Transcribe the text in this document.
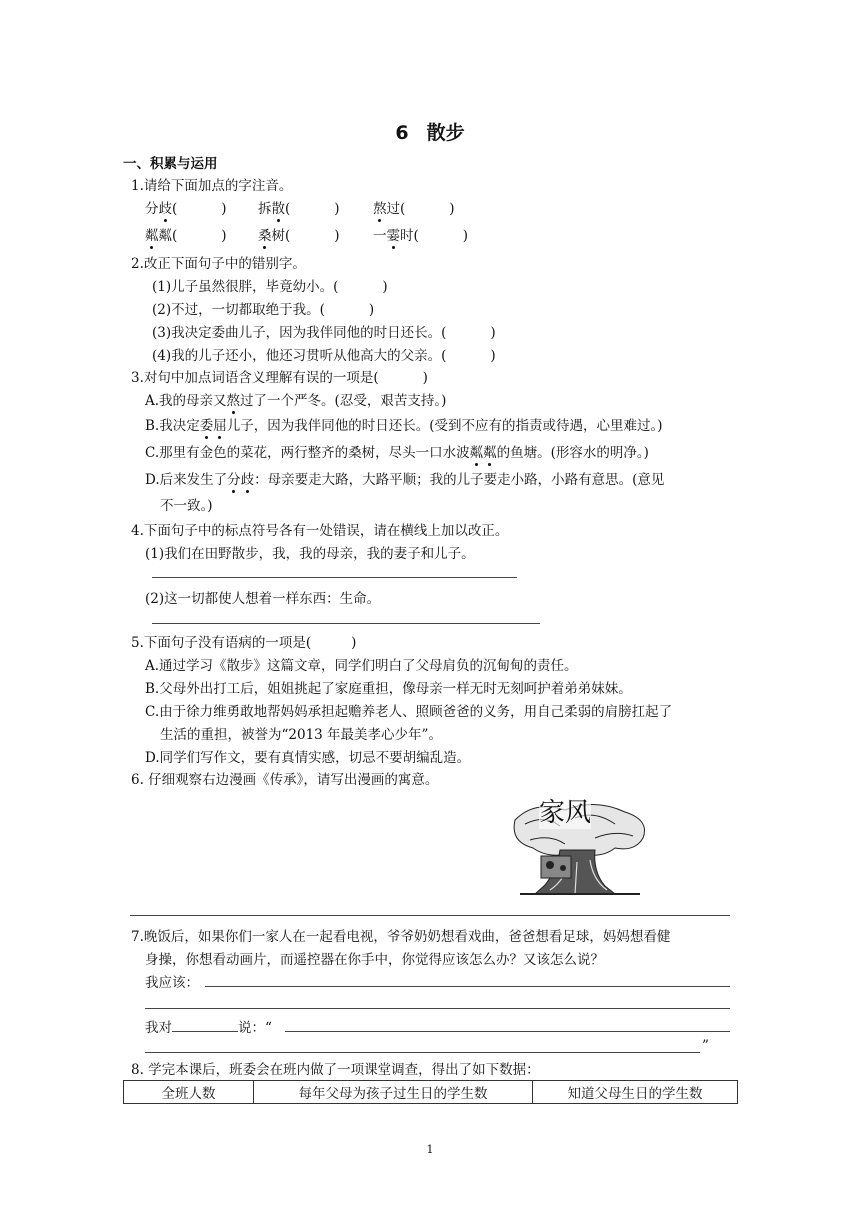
6 散步
一、积累与运用
1.请给下面加点的字注音。
分歧(	) 拆散(	) 熬过(	)
粼粼(	) 桑树(	) 一霎时(	)
2.改正下面句子中的错别字。
(1)儿子虽然很胖，毕竟幼小。(	)
(2)不过，一切都取绝于我。(	)
(3)我决定委曲儿子，因为我伴同他的时日还长。(	)
(4)我的儿子还小，他还习贯听从他高大的父亲。(	)
3.对句中加点词语含义理解有误的一项是(	)
A.我的母亲又熬过了一个严冬。(忍受，艰苦支持。)
B.我决定委屈儿子，因为我伴同他的时日还长。(受到不应有的指责或待遇，心里难过。)
C.那里有金色的菜花，两行整齐的桑树，尽头一口水波粼粼的鱼塘。(形容水的明净。)
D.后来发生了分歧：母亲要走大路，大路平顺；我的儿子要走小路，小路有意思。(意见
不一致。)
4.下面句子中的标点符号各有一处错误，请在横线上加以改正。
(1)我们在田野散步，我，我的母亲，我的妻子和儿子。
(2)这一切都使人想着一样东西：生命。
5.下面句子没有语病的一项是(	)
A.通过学习《散步》这篇文章，同学们明白了父母肩负的沉甸甸的责任。
B.父母外出打工后，姐姐挑起了家庭重担，像母亲一样无时无刻呵护着弟弟妹妹。
C.由于徐力维勇敢地帮妈妈承担起赡养老人、照顾爸爸的义务，用自己柔弱的肩膀扛起了
生活的重担，被誉为“2013 年最美孝心少年”。
D.同学们写作文，要有真情实感，切忌不要胡编乱造。
6. 仔细观察右边漫画《传承》，请写出漫画的寓意。
家风
7.晚饭后，如果你们一家人在一起看电视，爷爷奶奶想看戏曲，爸爸想看足球，妈妈想看健
身操，你想看动画片，而遥控器在你手中，你觉得应该怎么办？又该怎么说？
我应该：
我对	说：“
”
8. 学完本课后，班委会在班内做了一项课堂调查，得出了如下数据：
全班人数	每年父母为孩子过生日的学生数	知道父母生日的学生数
1
